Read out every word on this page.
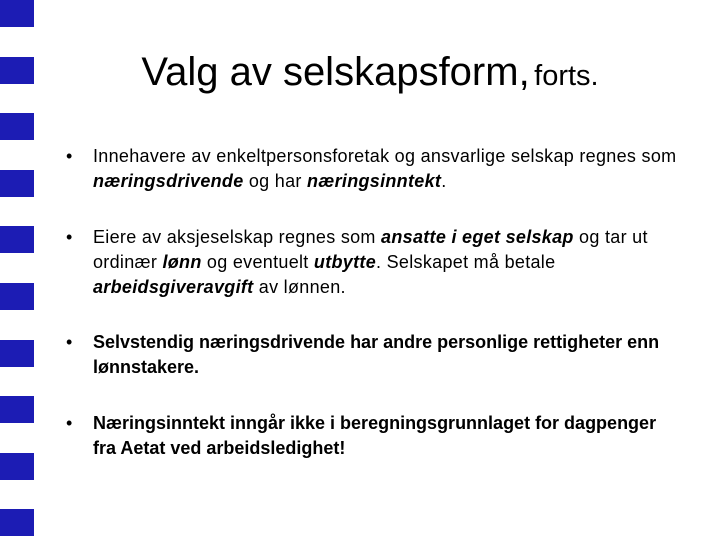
Valg av selskapsform, forts.
• Innehavere av enkeltpersonsforetak og ansvarlige selskap regnes som næringsdrivende og har næringsinntekt.
• Eiere av aksjeselskap regnes som ansatte i eget selskap og tar ut ordinær lønn og eventuelt utbytte. Selskapet må betale arbeidsgiveravgift av lønnen.
• Selvstendig næringsdrivende har andre personlige rettigheter enn lønnstakere.
• Næringsinntekt inngår ikke i beregningsgrunnlaget for dagpenger fra Aetat ved arbeidsledighet!
